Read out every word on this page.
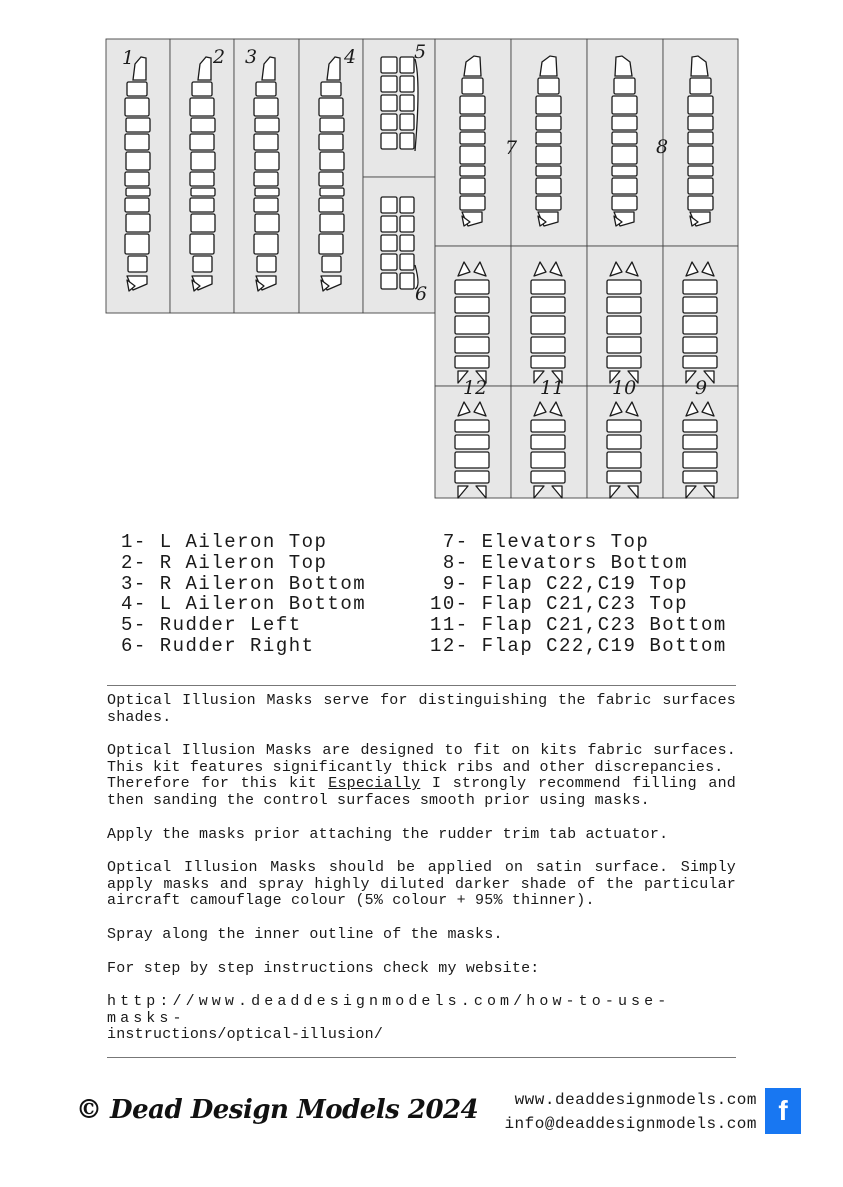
1	2 3	4	5
6
7	8
9
10
11
12
1- L Aileron Top
2- R Aileron Top
3- R Aileron Bottom
4- L Aileron Bottom
5- Rudder Left
6- Rudder Right
7- Elevators Top
8- Elevators Bottom
9- Flap C22,C19 Top
10- Flap C21,C23 Top
11- Flap C21,C23 Bottom
12- Flap C22,C19 Bottom

Optical Illusion Masks serve for distinguishing the fabric surfaces shades.

Optical Illusion Masks are designed to fit on kits fabric surfaces. This kit features significantly thick ribs and other discrepancies.

Therefore for this kit Especially I strongly recommend filling and then sanding the control surfaces smooth prior using masks.

Apply the masks prior attaching the rudder trim tab actuator.

Optical Illusion Masks should be applied on satin surface. Simply apply masks and spray highly diluted darker shade of the particular aircraft camouflage colour (5% colour + 95% thinner).

Spray along the inner outline of the masks.

For step by step instructions check my website:

http://www.deaddesignmodels.com/how-to-use-masks-
instructions/optical-illusion/

© Dead Design Models 2024	www.deaddesignmodels.com
info@deaddesignmodels.com f
